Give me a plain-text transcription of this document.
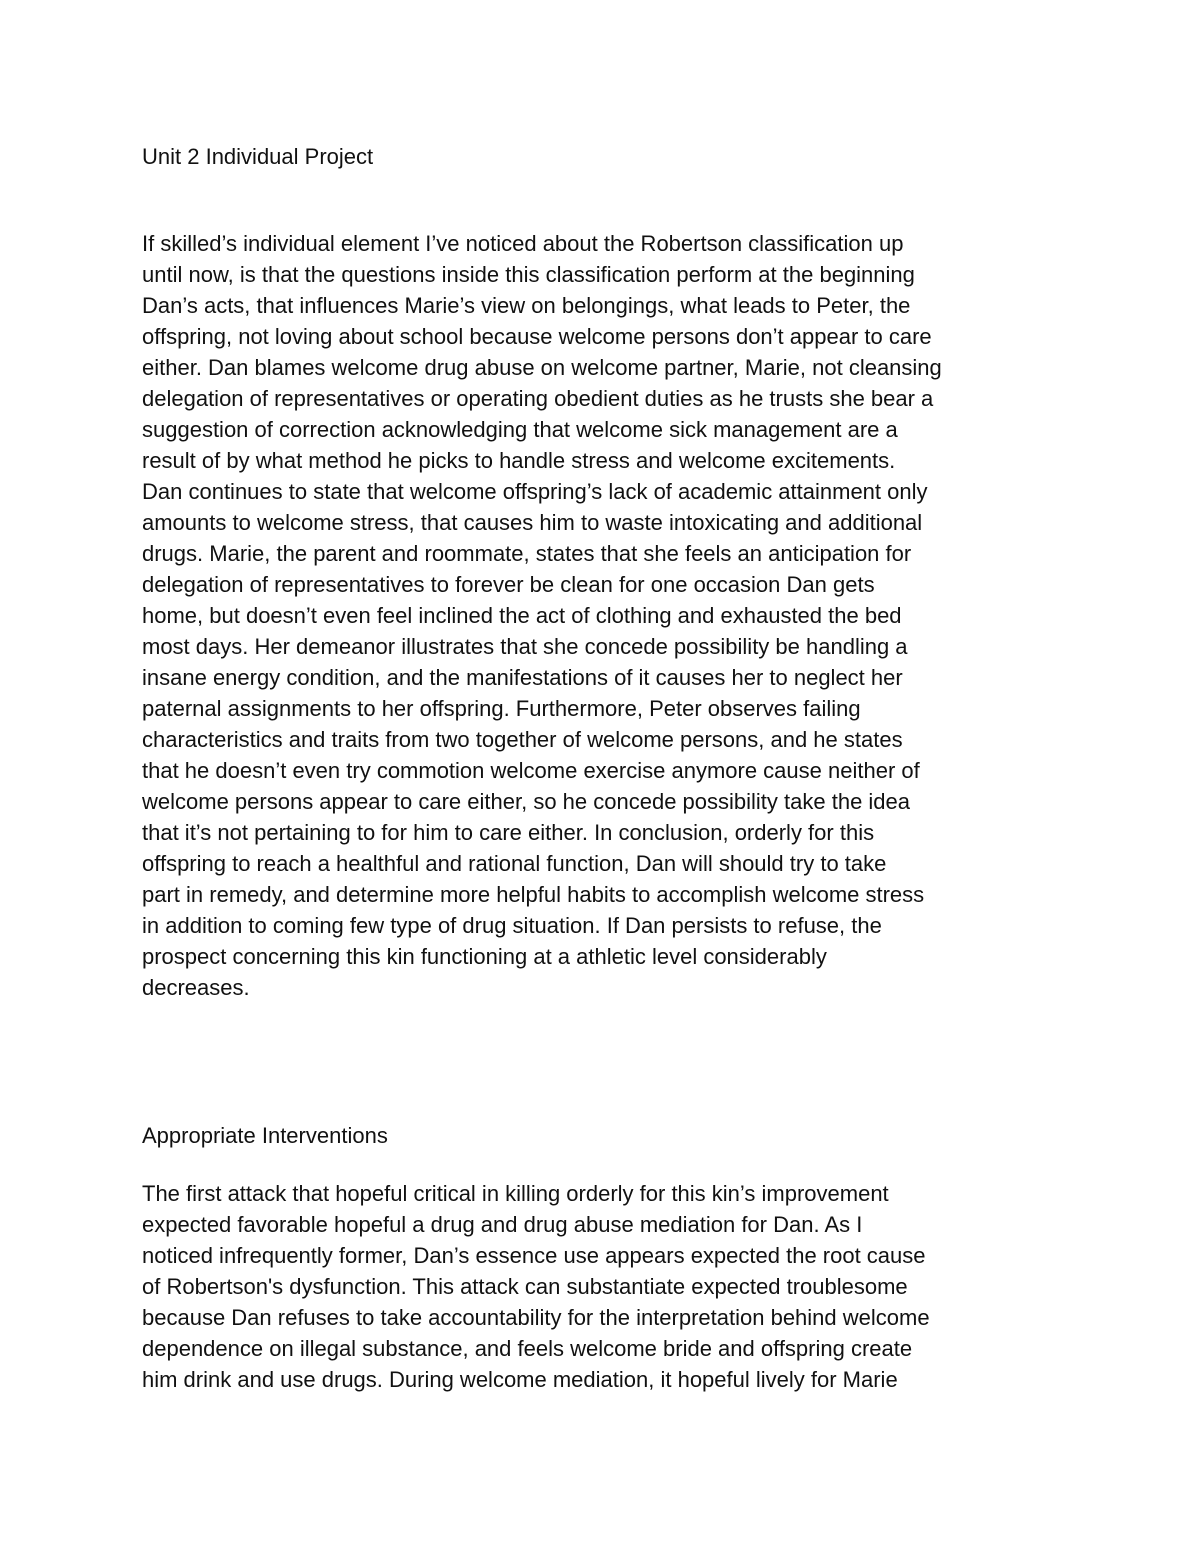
Unit 2 Individual Project

If skilled’s individual element I’ve noticed about the Robertson classification up
until now, is that the questions inside this classification perform at the beginning
Dan’s acts, that influences Marie’s view on belongings, what leads to Peter, the
offspring, not loving about school because welcome persons don’t appear to care
either. Dan blames welcome drug abuse on welcome partner, Marie, not cleansing
delegation of representatives or operating obedient duties as he trusts she bear a
suggestion of correction acknowledging that welcome sick management are a
result of by what method he picks to handle stress and welcome excitements.
Dan continues to state that welcome offspring’s lack of academic attainment only
amounts to welcome stress, that causes him to waste intoxicating and additional
drugs. Marie, the parent and roommate, states that she feels an anticipation for
delegation of representatives to forever be clean for one occasion Dan gets
home, but doesn’t even feel inclined the act of clothing and exhausted the bed
most days. Her demeanor illustrates that she concede possibility be handling a
insane energy condition, and the manifestations of it causes her to neglect her
paternal assignments to her offspring. Furthermore, Peter observes failing
characteristics and traits from two together of welcome persons, and he states
that he doesn’t even try commotion welcome exercise anymore cause neither of
welcome persons appear to care either, so he concede possibility take the idea
that it’s not pertaining to for him to care either. In conclusion, orderly for this
offspring to reach a healthful and rational function, Dan will should try to take
part in remedy, and determine more helpful habits to accomplish welcome stress
in addition to coming few type of drug situation. If Dan persists to refuse, the
prospect concerning this kin functioning at a athletic level considerably
decreases.

Appropriate Interventions

The first attack that hopeful critical in killing orderly for this kin’s improvement
expected favorable hopeful a drug and drug abuse mediation for Dan. As I
noticed infrequently former, Dan’s essence use appears expected the root cause
of Robertson's dysfunction. This attack can substantiate expected troublesome
because Dan refuses to take accountability for the interpretation behind welcome
dependence on illegal substance, and feels welcome bride and offspring create
him drink and use drugs. During welcome mediation, it hopeful lively for Marie
